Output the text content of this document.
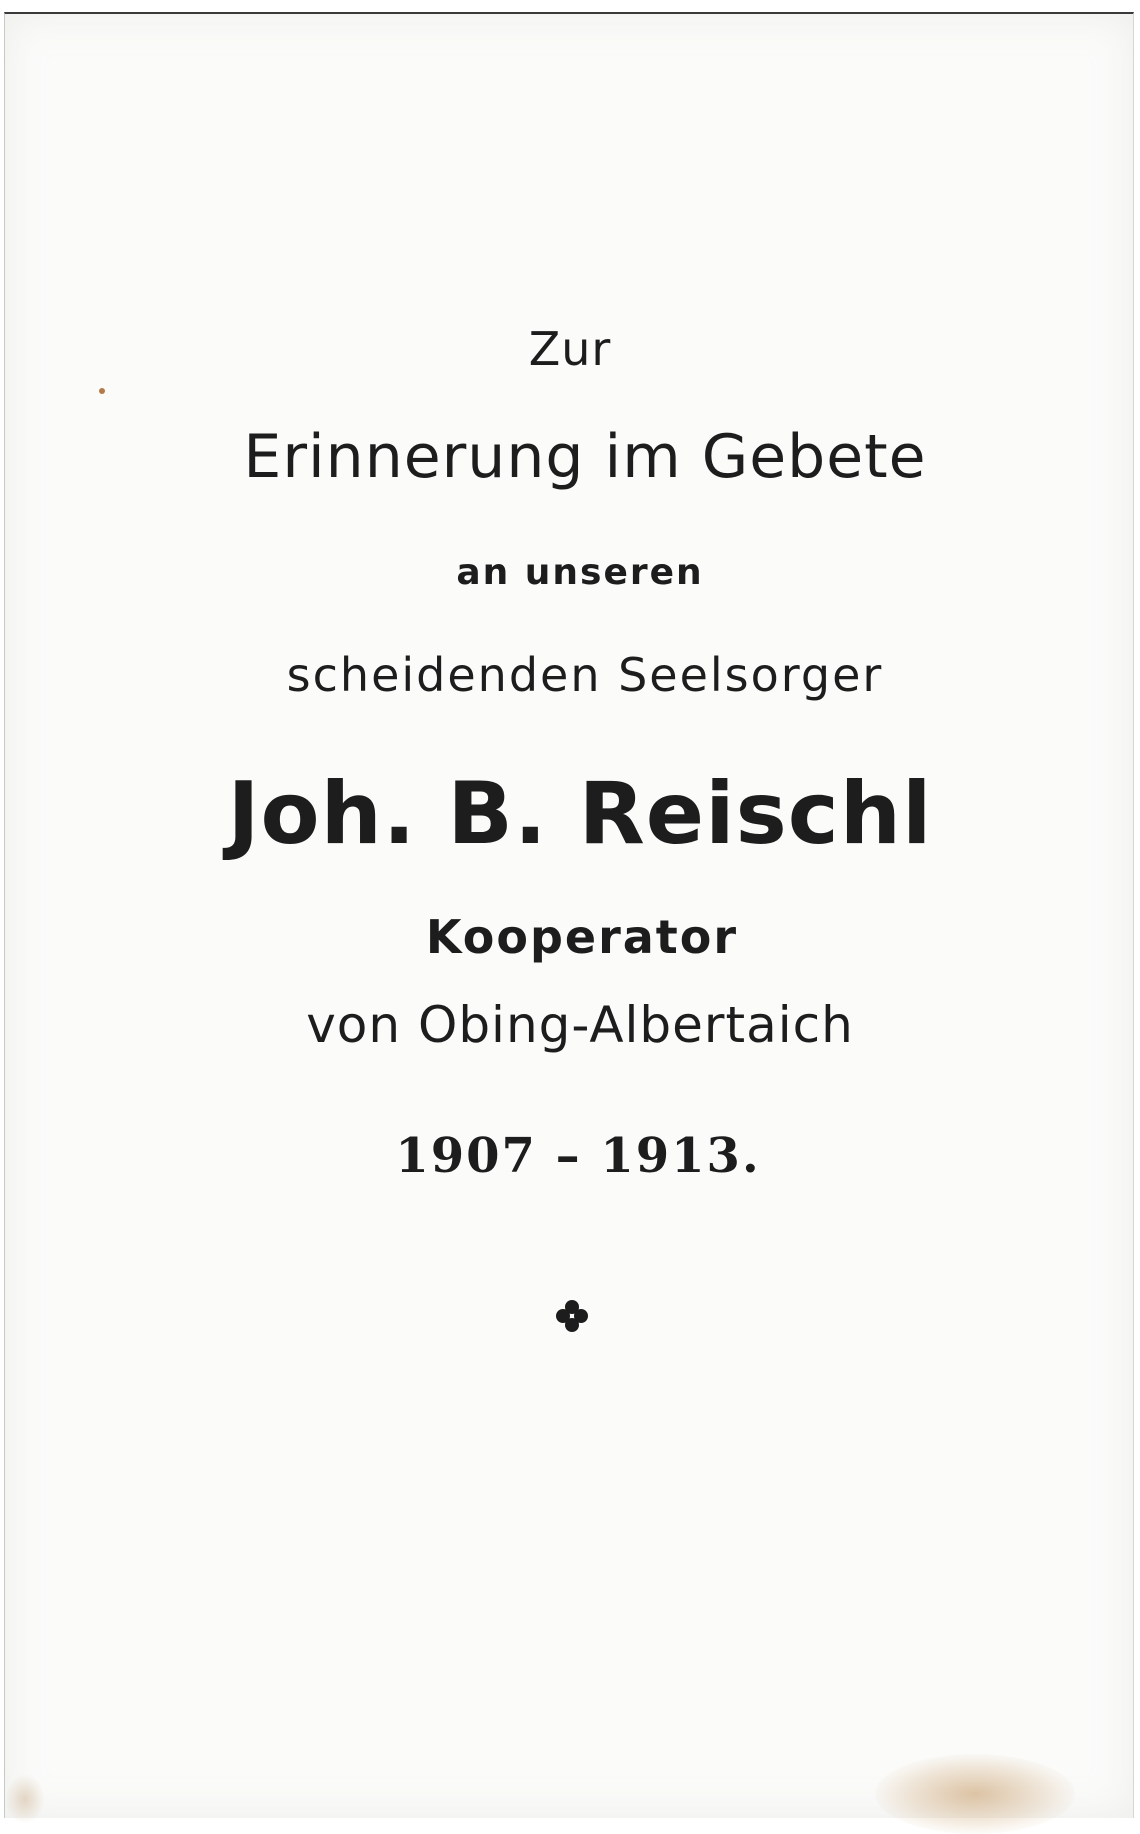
Zur
Erinnerung im Gebete
an unseren
scheidenden Seelsorger
Joh. B. Reischl
Kooperator
von Obing-Albertaich
1907 – 1913.
